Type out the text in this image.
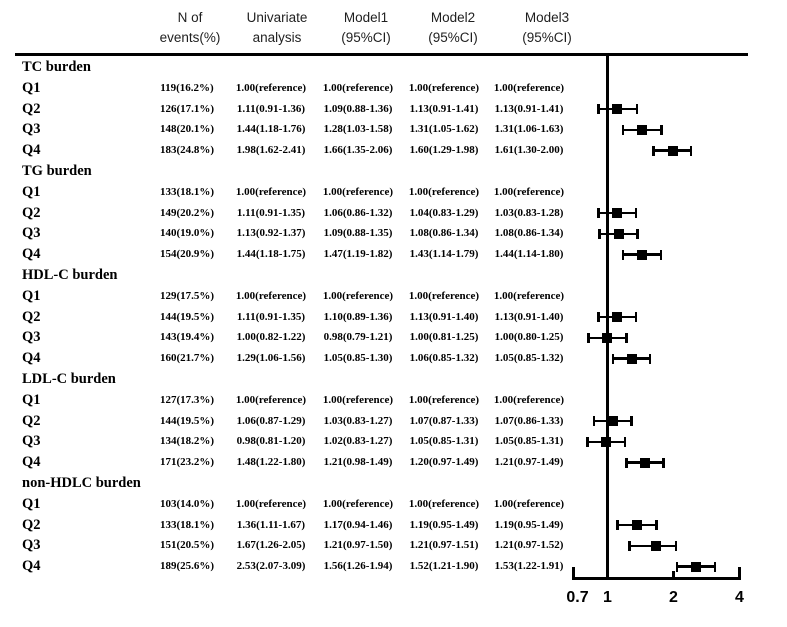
N of
events(%)
Univariate
analysis
Model1
(95%CI)
Model2
(95%CI)
Model3
(95%CI)
TC burden
Q1	119(16.2%)	1.00(reference)	1.00(reference)	1.00(reference)	1.00(reference)
Q2	126(17.1%)	1.11(0.91-1.36)	1.09(0.88-1.36)	1.13(0.91-1.41)	1.13(0.91-1.41)
Q3	148(20.1%)	1.44(1.18-1.76)	1.28(1.03-1.58)	1.31(1.05-1.62)	1.31(1.06-1.63)
Q4	183(24.8%)	1.98(1.62-2.41)	1.66(1.35-2.06)	1.60(1.29-1.98)	1.61(1.30-2.00)
TG burden
Q1	133(18.1%)	1.00(reference)	1.00(reference)	1.00(reference)	1.00(reference)
Q2	149(20.2%)	1.11(0.91-1.35)	1.06(0.86-1.32)	1.04(0.83-1.29)	1.03(0.83-1.28)
Q3	140(19.0%)	1.13(0.92-1.37)	1.09(0.88-1.35)	1.08(0.86-1.34)	1.08(0.86-1.34)
Q4	154(20.9%)	1.44(1.18-1.75)	1.47(1.19-1.82)	1.43(1.14-1.79)	1.44(1.14-1.80)
HDL-C burden
Q1	129(17.5%)	1.00(reference)	1.00(reference)	1.00(reference)	1.00(reference)
Q2	144(19.5%)	1.11(0.91-1.35)	1.10(0.89-1.36)	1.13(0.91-1.40)	1.13(0.91-1.40)
Q3	143(19.4%)	1.00(0.82-1.22)	0.98(0.79-1.21)	1.00(0.81-1.25)	1.00(0.80-1.25)
Q4	160(21.7%)	1.29(1.06-1.56)	1.05(0.85-1.30)	1.06(0.85-1.32)	1.05(0.85-1.32)
LDL-C burden
Q1	127(17.3%)	1.00(reference)	1.00(reference)	1.00(reference)	1.00(reference)
Q2	144(19.5%)	1.06(0.87-1.29)	1.03(0.83-1.27)	1.07(0.87-1.33)	1.07(0.86-1.33)
Q3	134(18.2%)	0.98(0.81-1.20)	1.02(0.83-1.27)	1.05(0.85-1.31)	1.05(0.85-1.31)
Q4	171(23.2%)	1.48(1.22-1.80)	1.21(0.98-1.49)	1.20(0.97-1.49)	1.21(0.97-1.49)
non-HDLC burden
Q1	103(14.0%)	1.00(reference)	1.00(reference)	1.00(reference)	1.00(reference)
Q2	133(18.1%)	1.36(1.11-1.67)	1.17(0.94-1.46)	1.19(0.95-1.49)	1.19(0.95-1.49)
Q3	151(20.5%)	1.67(1.26-2.05)	1.21(0.97-1.50)	1.21(0.97-1.51)	1.21(0.97-1.52)
Q4	189(25.6%)	2.53(2.07-3.09)	1.56(1.26-1.94)	1.52(1.21-1.90)	1.53(1.22-1.91)
0.7 1	2	4
